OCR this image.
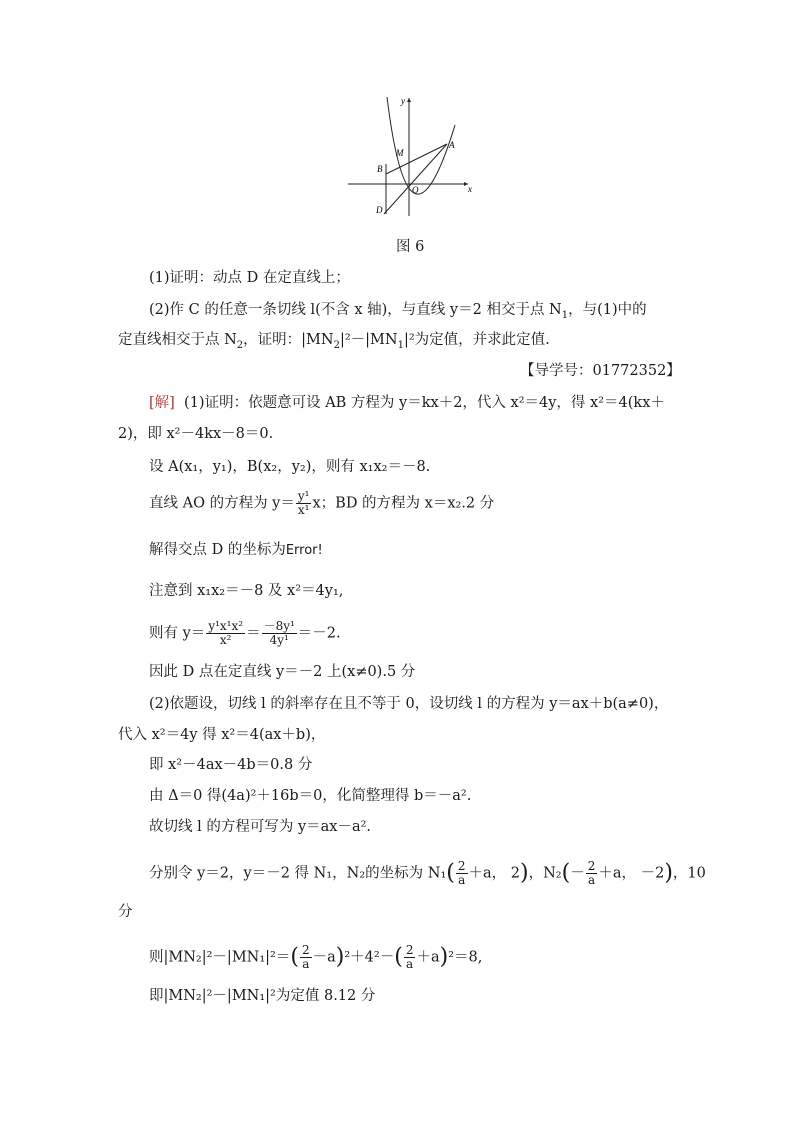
y
x
A
M
B
O
D
图 6
(1)证明：动点 D 在定直线上；
(2)作 C 的任意一条切线 l(不含 x 轴)，与直线 y＝2 相交于点 $N_1$，与(1)中的
定直线相交于点 $N_2$，证明：$|MN_2|^2-|MN_1|^2$为定值，并求此定值.
【导学号：01772352】
[解] (1)证明：依题意可设 AB 方程为 y＝kx＋2，代入 x²＝4y，得 x²＝4(kx＋
2)，即 x²－4kx－8＝0.
设 A(x₁，y₁)，B(x₂，y₂)，则有 x₁x₂＝－8.
直线 AO 的方程为 $y= \frac{\text{y¹}}{\text{x¹}}$ x；BD 的方程为 x＝x₂.2 分
解得交点 D 的坐标为Error!
注意到 x₁x₂＝－8 及 x²＝4y₁,
则有 $y= \frac{\text{y¹x¹x²}}{\text{x²}} = \frac{\text{－8y¹}}{\text{4y¹}} =-2$.
因此 D 点在定直线 y＝－2 上(x≠0).5 分
(2)依题设，切线 l 的斜率存在且不等于 0，设切线 l 的方程为 y＝ax＋b(a≠0)，
代入 x²＝4y 得 x²＝4(ax＋b)，
即 x²－4ax－4b＝0.8 分
由 Δ＝0 得(4a)²＋16b＝0，化简整理得 b＝－a².
故切线 l 的方程可写为 y＝ax－a².
分别令 y＝2，y＝－2 得 N₁，N₂的坐标为 $N_1( \frac{2}{a} +a$， 2)，$N_2(- \frac{2}{a} +a$， －2)，10
分
则$|MN_2|^2-|MN_1|^2=( \frac{2}{a} -a)^2+4^2-( \frac{2}{a} +a)^2=8$,
即|MN₂|²－|MN₁|²为定值 8.12 分
